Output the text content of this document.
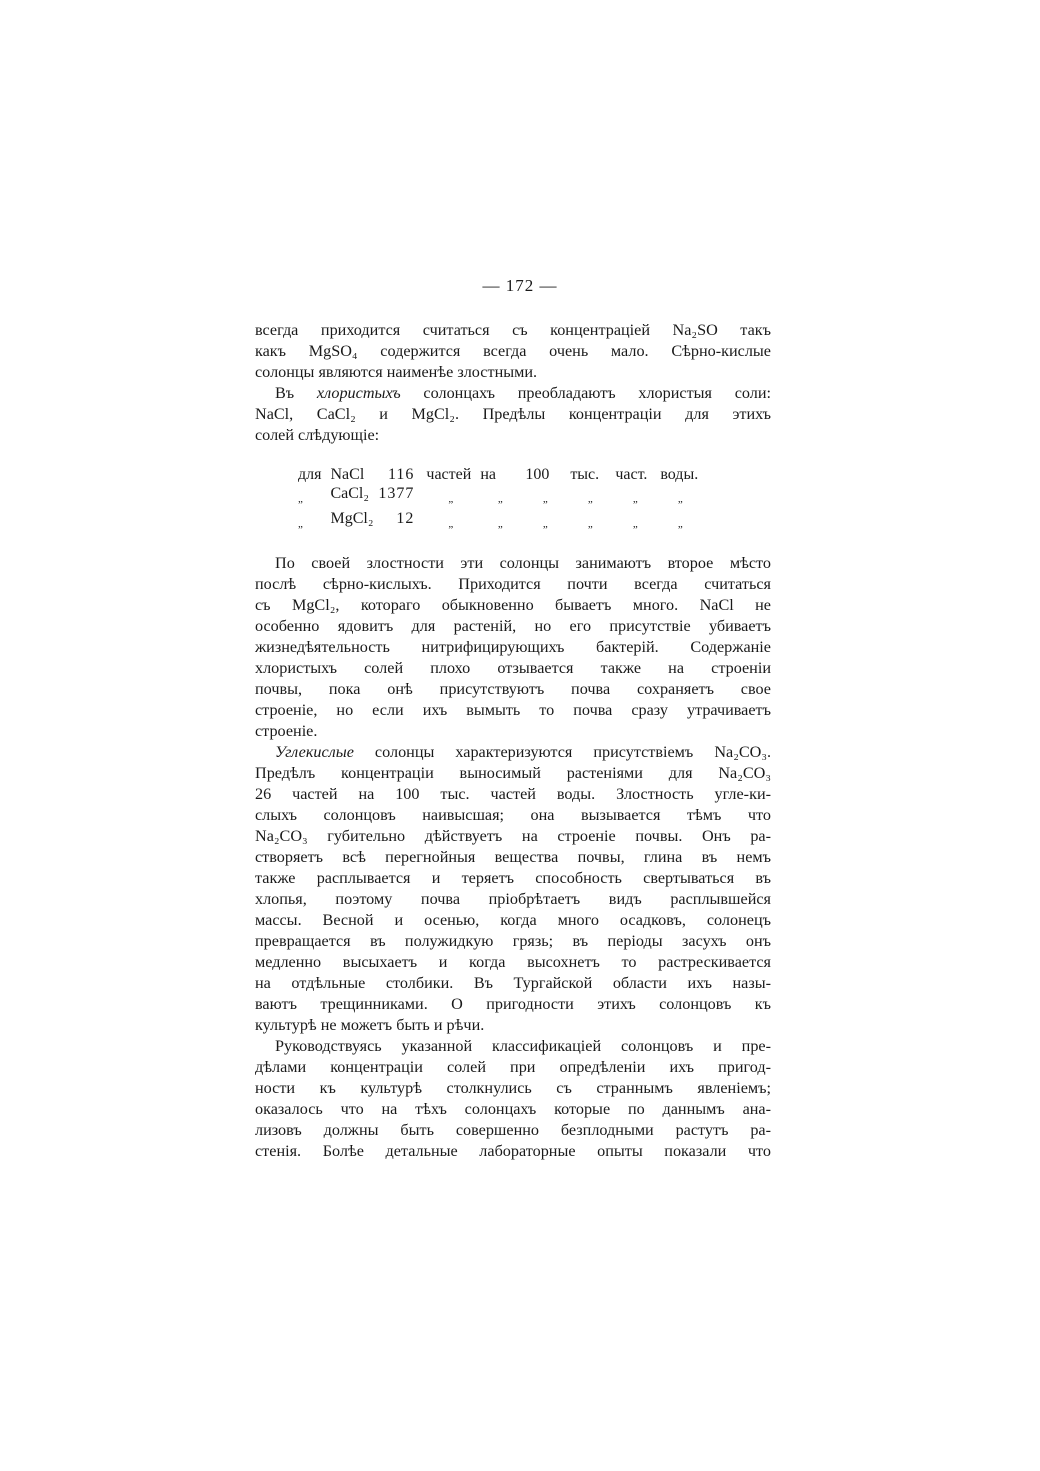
— 172 —

всегда приходится считаться съ концентраціей Na₂SO такъ

какъ MgSO₄ содержится всегда очень мало. Сѣрно-кислые

солонцы являются наименѣе злостными.

Въ хлористыхъ солонцахъ преобладаютъ хлористыя соли:

NaCl, CaCl₂ и MgCl₂. Предѣлы концентраціи для этихъ

солей слѣдующіе:

для	NaCl	116	частей	на	100	тыс.	част.	воды.
„	CaCl₂	1377	„	„	„	„	„	„
„	MgCl₂	12	„	„	„	„	„	„

По своей злостности эти солонцы занимаютъ второе мѣсто

послѣ сѣрно-кислыхъ. Приходится почти всегда считаться

съ MgCl₂, котораго обыкновенно бываетъ много. NaCl не

особенно ядовитъ для растеній, но его присутствіе убиваетъ

жизнедѣятельность нитрифицирующихъ бактерій. Содержаніе

хлористыхъ солей плохо отзывается также на строеніи

почвы, пока онѣ присутствуютъ почва сохраняетъ свое

строеніе, но если ихъ вымыть то почва сразу утрачиваетъ

строеніе.

Углекислые солонцы характеризуются присутствіемъ Na₂CO₃.

Предѣлъ концентраціи выносимый растеніями для Na₂CO₃

26 частей на 100 тыс. частей воды. Злостность угле-ки-

слыхъ солонцовъ наивысшая; она вызывается тѣмъ что

Na₂CO₃ губительно дѣйствуетъ на строеніе почвы. Онъ ра-

створяетъ всѣ перегнойныя вещества почвы, глина въ немъ

также расплывается и теряетъ способность свертываться въ

хлопья, поэтому почва пріобрѣтаетъ видъ расплывшейся

массы. Весной и осенью, когда много осадковъ, солонецъ

превращается въ полужидкую грязь; въ періоды засухъ онъ

медленно высыхаетъ и когда высохнетъ то растрескивается

на отдѣльные столбики. Въ Тургайской области ихъ назы-

ваютъ трещинниками. О пригодности этихъ солонцовъ къ

культурѣ не можетъ быть и рѣчи.

Руководствуясь указанной классификаціей солонцовъ и пре-

дѣлами концентраціи солей при опредѣленіи ихъ пригод-

ности къ культурѣ столкнулись съ страннымъ явленіемъ;

оказалось что на тѣхъ солонцахъ которые по даннымъ ана-

лизовъ должны быть совершенно безплодными растутъ ра-

стенія. Болѣе детальные лабораторные опыты показали что
